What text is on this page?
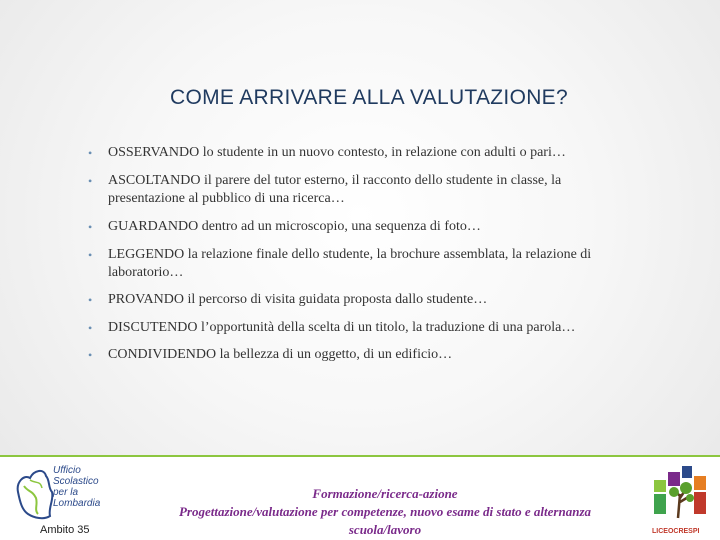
COME ARRIVARE ALLA VALUTAZIONE?
• OSSERVANDO lo studente in un nuovo contesto, in relazione con adulti o pari…
• ASCOLTANDO il parere del tutor esterno, il racconto dello studente in classe, la
presentazione al pubblico di una ricerca…
• GUARDANDO dentro ad un microscopio, una sequenza di foto…
• LEGGENDO la relazione finale dello studente, la brochure assemblata, la relazione di
laboratorio…
• PROVANDO il percorso di visita guidata proposta dallo studente…
• DISCUTENDO l’opportunità della scelta di un titolo, la traduzione di una parola…
• CONDIVIDENDO la bellezza di un oggetto, di un edificio…
Ufficio
Scolastico
per la
Lombardia
Ambito 35
Formazione/ricerca-azione
Progettazione/valutazione per competenze, nuovo esame di stato e alternanza
scuola/lavoro	LICEOCRESPI
